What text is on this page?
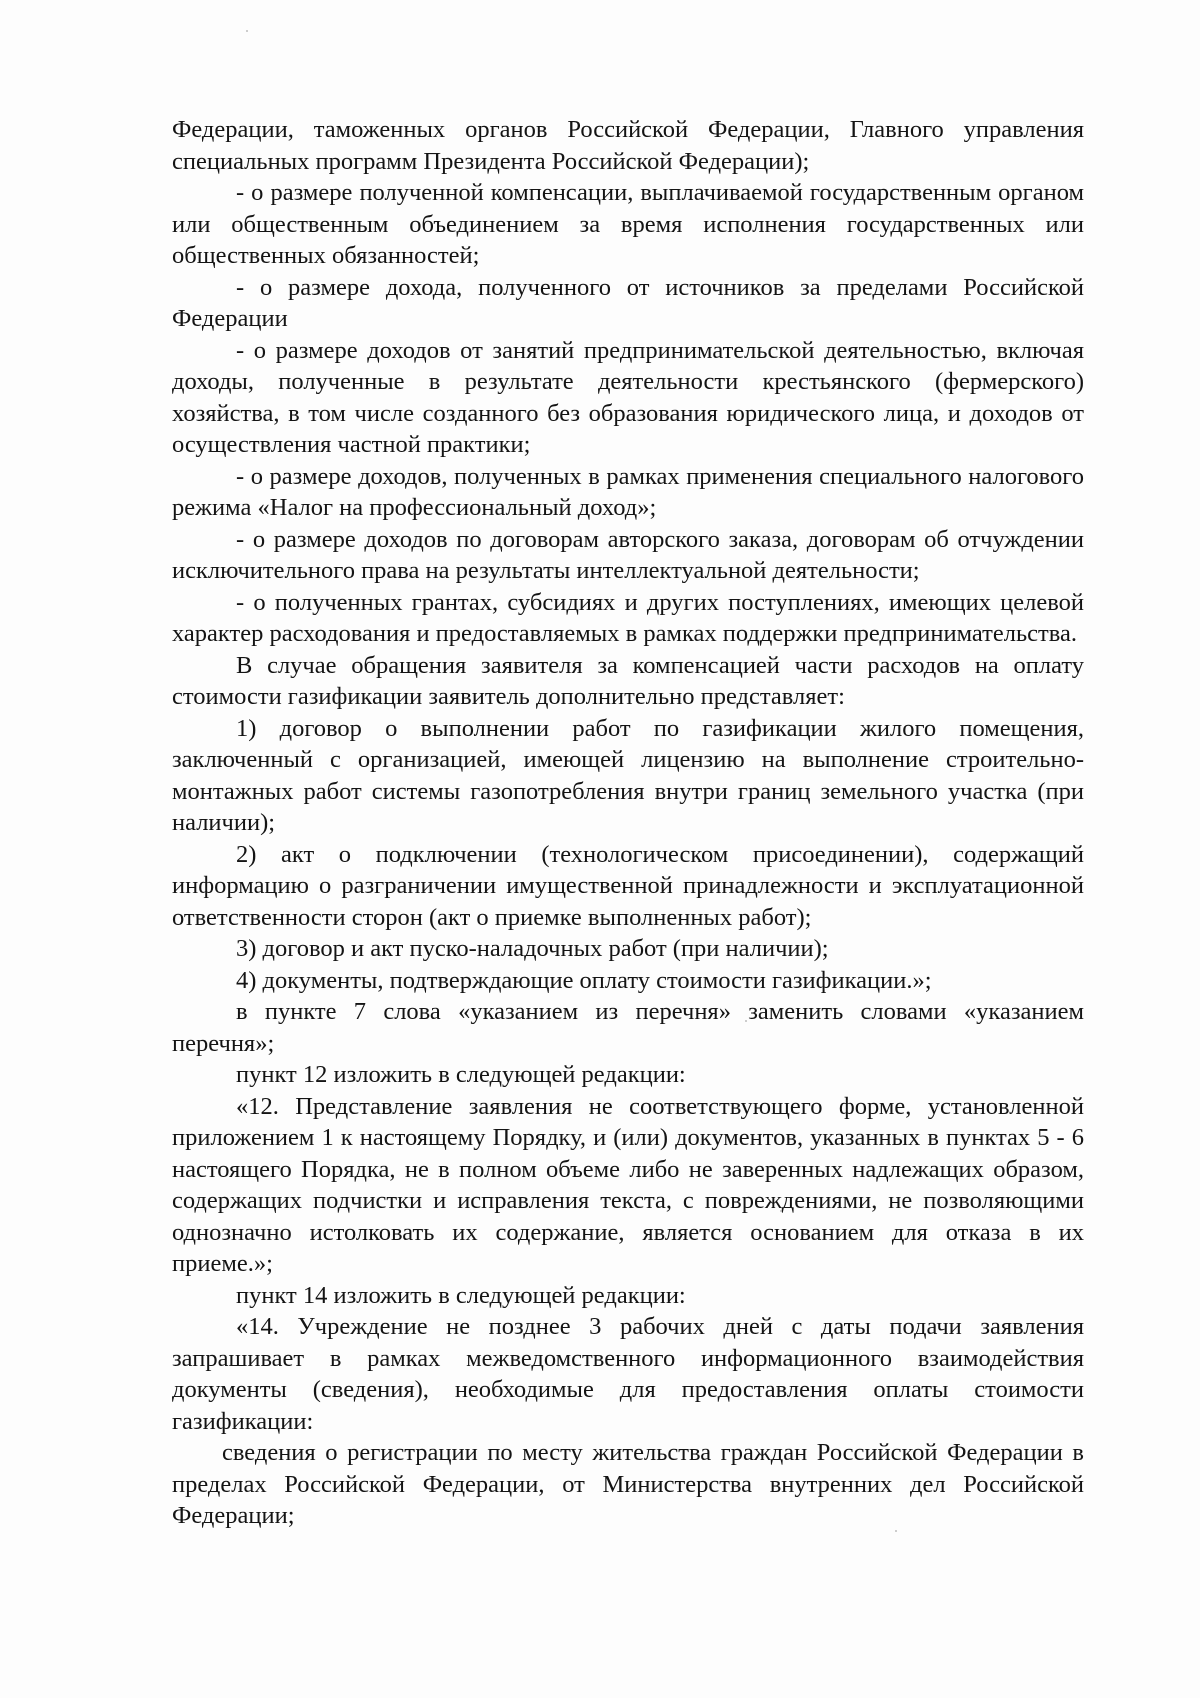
Федерации, таможенных органов Российской Федерации, Главного управления специальных программ Президента Российской Федерации);

- о размере полученной компенсации, выплачиваемой государственным органом или общественным объединением за время исполнения государственных или общественных обязанностей;

- о размере дохода, полученного от источников за пределами Российской Федерации

- о размере доходов от занятий предпринимательской деятельностью, включая доходы, полученные в результате деятельности крестьянского (фермерского) хозяйства, в том числе созданного без образования юридического лица, и доходов от осуществления частной практики;

- о размере доходов, полученных в рамках применения специального налогового режима «Налог на профессиональный доход»;

- о размере доходов по договорам авторского заказа, договорам об отчуждении исключительного права на результаты интеллектуальной деятельности;

- о полученных грантах, субсидиях и других поступлениях, имеющих целевой характер расходования и предоставляемых в рамках поддержки предпринимательства.

В случае обращения заявителя за компенсацией части расходов на оплату стоимости газификации заявитель дополнительно представляет:

1) договор о выполнении работ по газификации жилого помещения, заключенный с организацией, имеющей лицензию на выполнение строительно-монтажных работ системы газопотребления внутри границ земельного участка (при наличии);

2) акт о подключении (технологическом присоединении), содержащий информацию о разграничении имущественной принадлежности и эксплуатационной ответственности сторон (акт о приемке выполненных работ);

3) договор и акт пуско-наладочных работ (при наличии);

4) документы, подтверждающие оплату стоимости газификации.»;

в пункте 7 слова «указанием из перечня» заменить словами «указанием перечня»;

пункт 12 изложить в следующей редакции:

«12. Представление заявления не соответствующего форме, установленной приложением 1 к настоящему Порядку, и (или) документов, указанных в пунктах 5 - 6 настоящего Порядка, не в полном объеме либо не заверенных надлежащих образом, содержащих подчистки и исправления текста, с повреждениями, не позволяющими однозначно истолковать их содержание, является основанием для отказа в их приеме.»;

пункт 14 изложить в следующей редакции:

«14. Учреждение не позднее 3 рабочих дней с даты подачи заявления запрашивает в рамках межведомственного информационного взаимодействия документы (сведения), необходимые для предоставления оплаты стоимости газификации:

сведения о регистрации по месту жительства граждан Российской Федерации в пределах Российской Федерации, от Министерства внутренних дел Российской Федерации;
